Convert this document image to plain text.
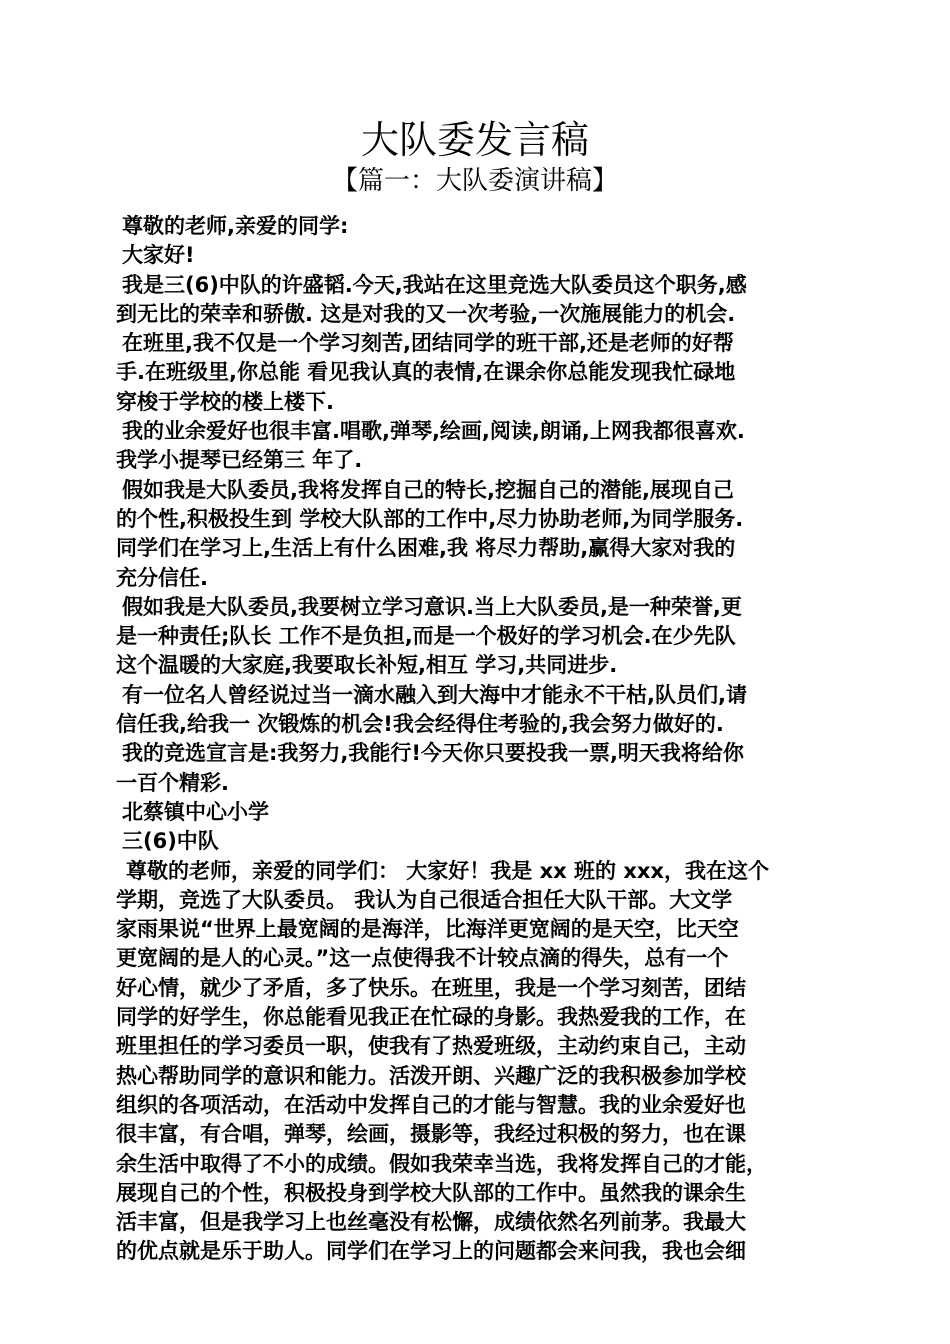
大队委发言稿
【篇一：大队委演讲稿】
尊敬的老师,亲爱的同学:
大家好!
我是三(6)中队的许盛韬.今天,我站在这里竞选大队委员这个职务,感
到无比的荣幸和骄傲. 这是对我的又一次考验,一次施展能力的机会.
在班里,我不仅是一个学习刻苦,团结同学的班干部,还是老师的好帮
手.在班级里,你总能 看见我认真的表情,在课余你总能发现我忙碌地
穿梭于学校的楼上楼下.
我的业余爱好也很丰富.唱歌,弹琴,绘画,阅读,朗诵,上网我都很喜欢.
我学小提琴已经第三 年了.
假如我是大队委员,我将发挥自己的特长,挖掘自己的潜能,展现自己
的个性,积极投生到 学校大队部的工作中,尽力协助老师,为同学服务.
同学们在学习上,生活上有什么困难,我 将尽力帮助,赢得大家对我的
充分信任.
假如我是大队委员,我要树立学习意识.当上大队委员,是一种荣誉,更
是一种责任;队长 工作不是负担,而是一个极好的学习机会.在少先队
这个温暖的大家庭,我要取长补短,相互 学习,共同进步.
有一位名人曾经说过当一滴水融入到大海中才能永不干枯,队员们,请
信任我,给我一 次锻炼的机会!我会经得住考验的,我会努力做好的.
我的竞选宣言是:我努力,我能行!今天你只要投我一票,明天我将给你
一百个精彩.
北蔡镇中心小学
三(6)中队
尊敬的老师，亲爱的同学们： 大家好！我是 xx 班的 xxx，我在这个
学期，竞选了大队委员。 我认为自己很适合担任大队干部。大文学
家雨果说“世界上最宽阔的是海洋，比海洋更宽阔的是天空，比天空
更宽阔的是人的心灵。”这一点使得我不计较点滴的得失，总有一个
好心情，就少了矛盾，多了快乐。在班里，我是一个学习刻苦，团结
同学的好学生，你总能看见我正在忙碌的身影。我热爱我的工作，在
班里担任的学习委员一职，使我有了热爱班级，主动约束自己，主动
热心帮助同学的意识和能力。活泼开朗、兴趣广泛的我积极参加学校
组织的各项活动，在活动中发挥自己的才能与智慧。我的业余爱好也
很丰富，有合唱，弹琴，绘画，摄影等，我经过积极的努力，也在课
余生活中取得了不小的成绩。假如我荣幸当选，我将发挥自己的才能，
展现自己的个性，积极投身到学校大队部的工作中。虽然我的课余生
活丰富，但是我学习上也丝毫没有松懈，成绩依然名列前茅。我最大
的优点就是乐于助人。同学们在学习上的问题都会来问我，我也会细
